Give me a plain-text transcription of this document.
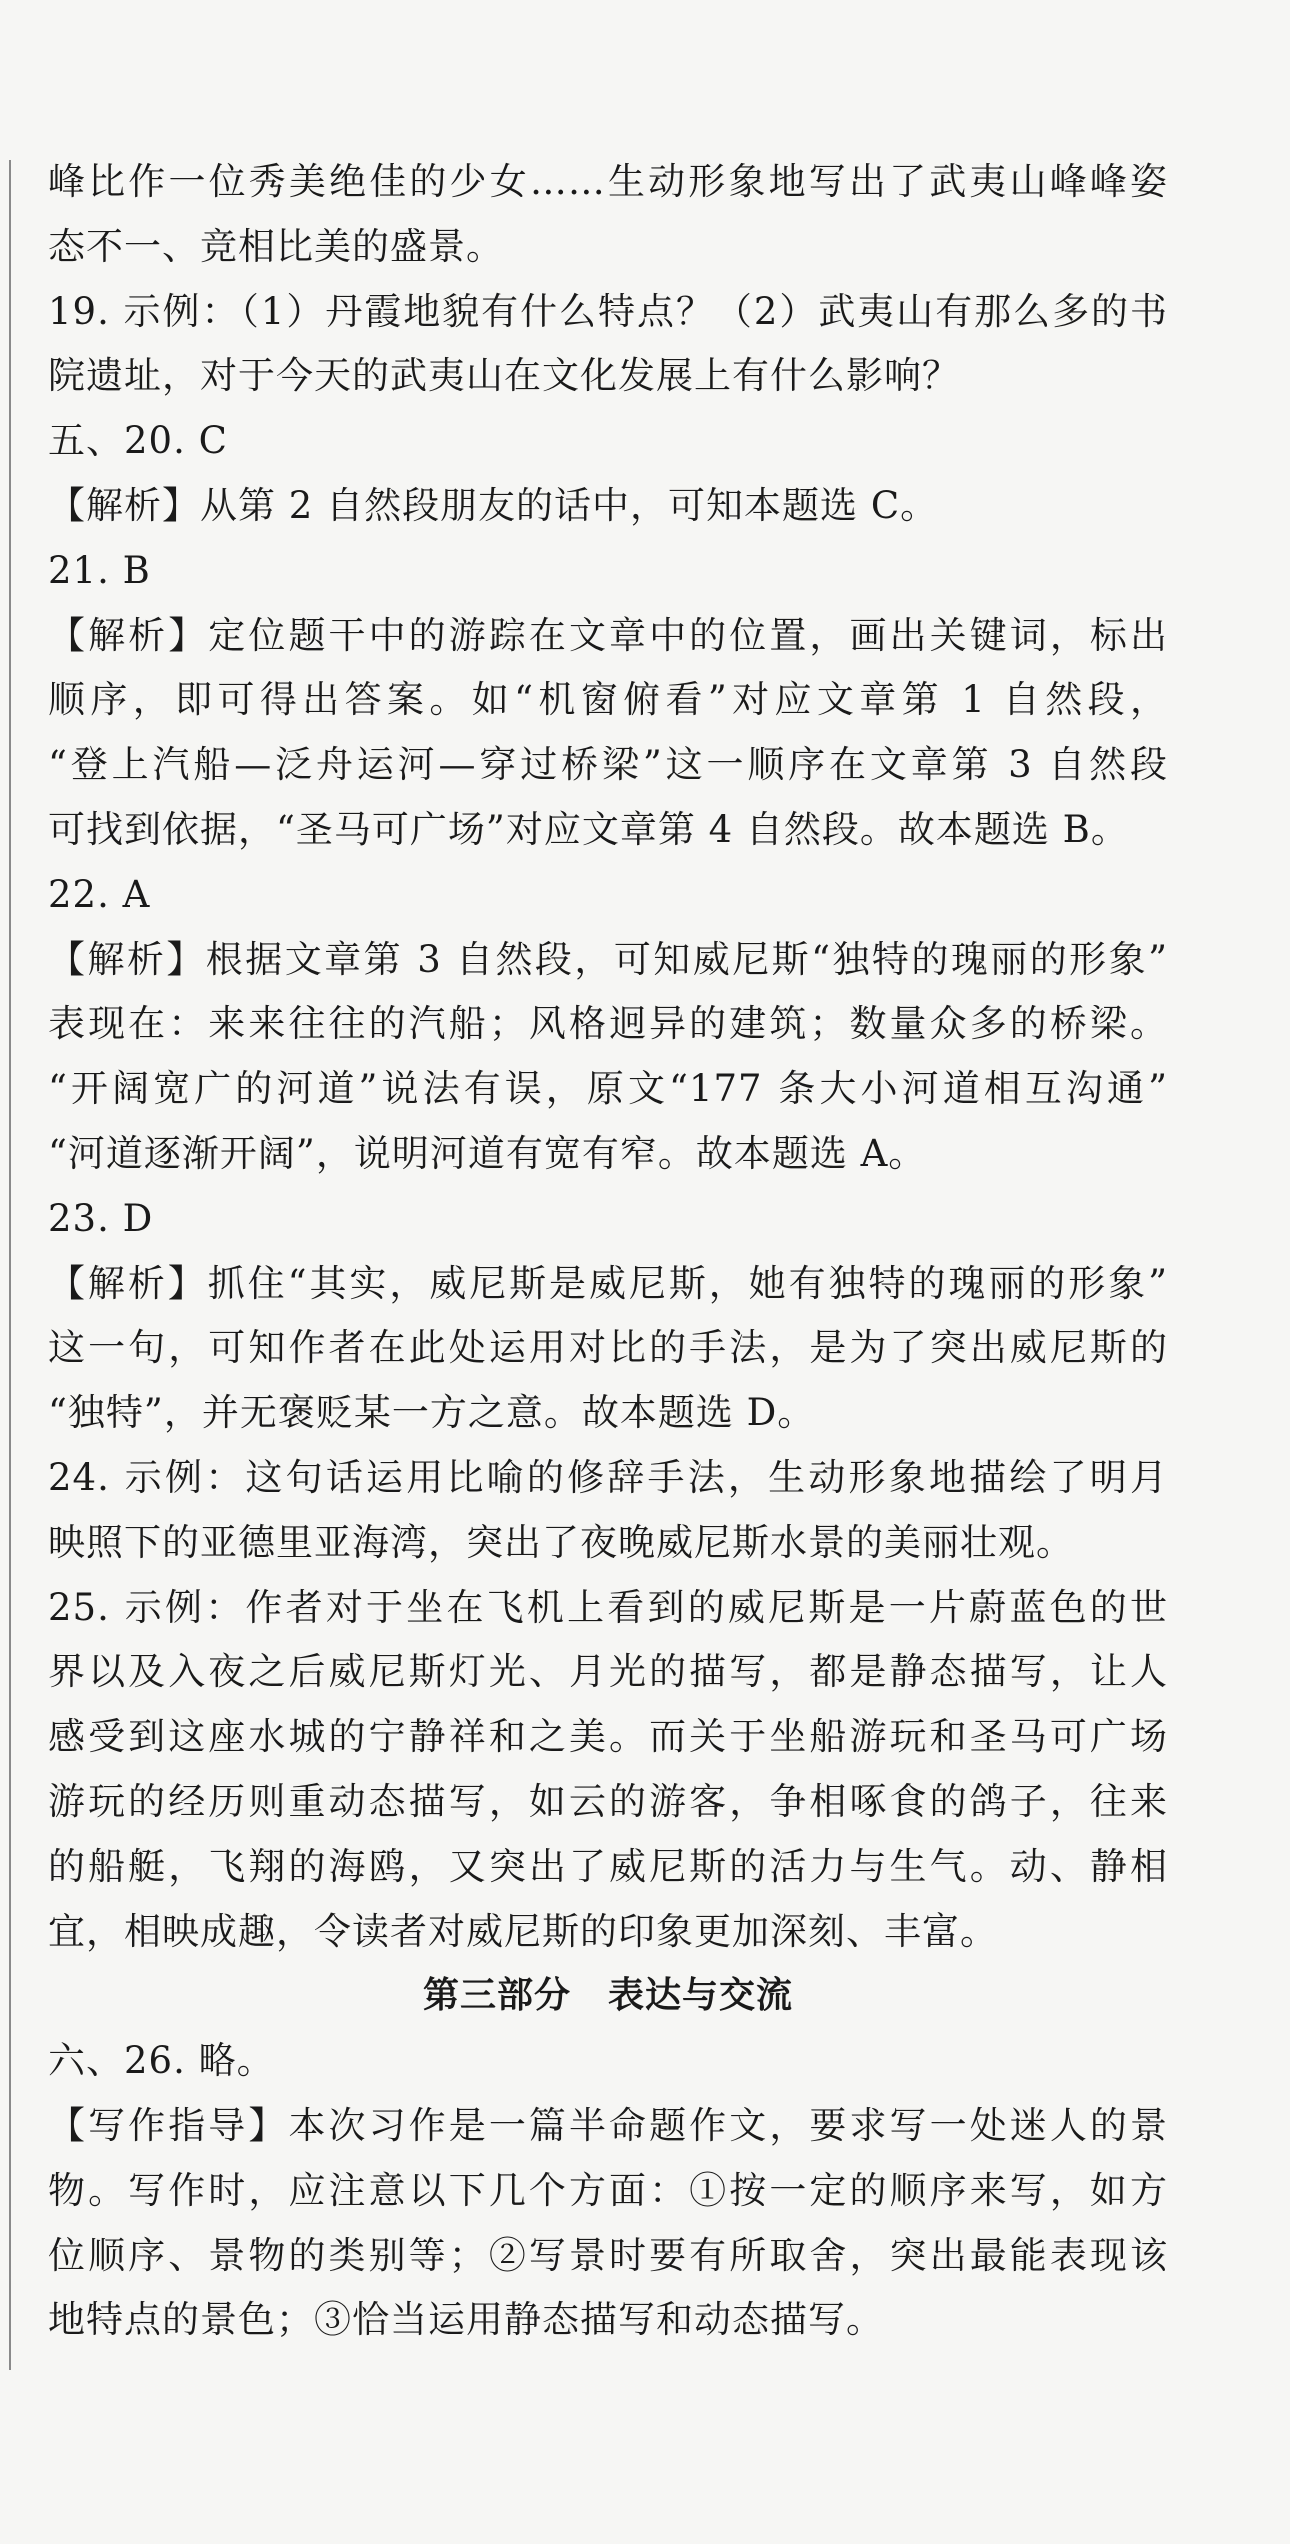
峰比作一位秀美绝佳的少女……生动形象地写出了武夷山峰峰姿
态不一、竞相比美的盛景。
19. 示例：（1）丹霞地貌有什么特点？（2）武夷山有那么多的书
院遗址，对于今天的武夷山在文化发展上有什么影响？
五、20. C
【解析】从第 2 自然段朋友的话中，可知本题选 C。
21. B
【解析】定位题干中的游踪在文章中的位置，画出关键词，标出
顺序，即可得出答案。如“机窗俯看”对应文章第 1 自然段，
“登上汽船—泛舟运河—穿过桥梁”这一顺序在文章第 3 自然段
可找到依据，“圣马可广场”对应文章第 4 自然段。故本题选 B。
22. A
【解析】根据文章第 3 自然段，可知威尼斯“独特的瑰丽的形象”
表现在：来来往往的汽船；风格迥异的建筑；数量众多的桥梁。
“开阔宽广的河道”说法有误，原文“177 条大小河道相互沟通”
“河道逐渐开阔”，说明河道有宽有窄。故本题选 A。
23. D
【解析】抓住“其实，威尼斯是威尼斯，她有独特的瑰丽的形象”
这一句，可知作者在此处运用对比的手法，是为了突出威尼斯的
“独特”，并无褒贬某一方之意。故本题选 D。
24. 示例：这句话运用比喻的修辞手法，生动形象地描绘了明月
映照下的亚德里亚海湾，突出了夜晚威尼斯水景的美丽壮观。
25. 示例：作者对于坐在飞机上看到的威尼斯是一片蔚蓝色的世
界以及入夜之后威尼斯灯光、月光的描写，都是静态描写，让人
感受到这座水城的宁静祥和之美。而关于坐船游玩和圣马可广场
游玩的经历则重动态描写，如云的游客，争相啄食的鸽子，往来
的船艇，飞翔的海鸥，又突出了威尼斯的活力与生气。动、静相
宜，相映成趣，令读者对威尼斯的印象更加深刻、丰富。
第三部分　表达与交流
六、26. 略。
【写作指导】本次习作是一篇半命题作文，要求写一处迷人的景
物。写作时，应注意以下几个方面：①按一定的顺序来写，如方
位顺序、景物的类别等；②写景时要有所取舍，突出最能表现该
地特点的景色；③恰当运用静态描写和动态描写。
